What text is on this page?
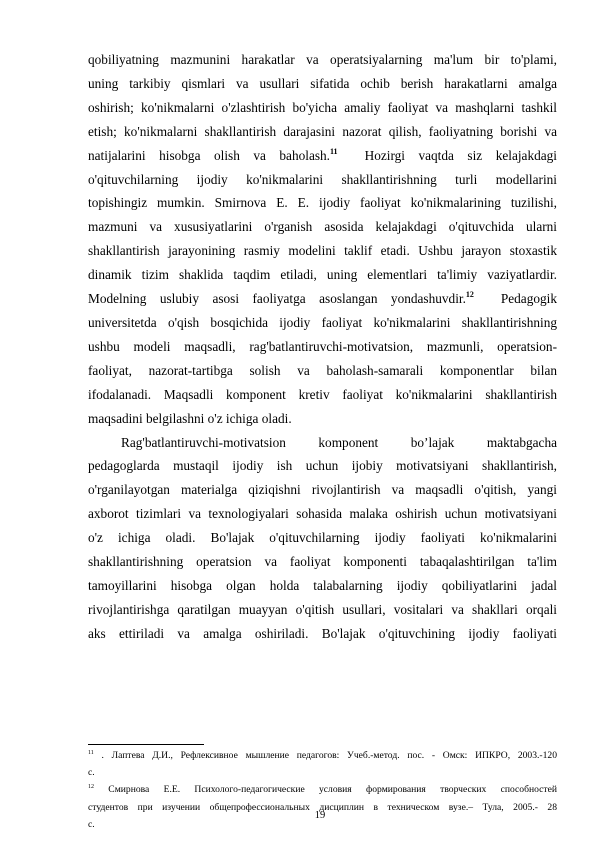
qobiliyatning mazmunini harakatlar va operatsiyalarning ma'lum bir to'plami,
uning tarkibiy qismlari va usullari sifatida ochib berish harakatlarni amalga
oshirish; ko'nikmalarni o'zlashtirish bo'yicha amaliy faoliyat va mashqlarni tashkil
etish; ko'nikmalarni shakllantirish darajasini nazorat qilish, faoliyatning borishi va
natijalarini hisobga olish va baholash.$^{11}$ Hozirgi vaqtda siz kelajakdagi
o'qituvchilarning ijodiy ko'nikmalarini shakllantirishning turli modellarini
topishingiz mumkin. Smirnova E. E. ijodiy faoliyat ko'nikmalarining tuzilishi,
mazmuni va xususiyatlarini o'rganish asosida kelajakdagi o'qituvchida ularni
shakllantirish jarayonining rasmiy modelini taklif etadi. Ushbu jarayon stoxastik
dinamik tizim shaklida taqdim etiladi, uning elementlari ta'limiy vaziyatlardir.
Modelning uslubiy asosi faoliyatga asoslangan yondashuvdir.$^{12}$ Pedagogik
universitetda o'qish bosqichida ijodiy faoliyat ko'nikmalarini shakllantirishning
ushbu modeli maqsadli, rag'batlantiruvchi-motivatsion, mazmunli, operatsion-
faoliyat, nazorat-tartibga solish va baholash-samarali komponentlar bilan
ifodalanadi. Maqsadli komponent kretiv faoliyat ko'nikmalarini shakllantirish
maqsadini belgilashni o'z ichiga oladi.

Rag'batlantiruvchi-motivatsion komponent bo’lajak maktabgacha
pedagoglarda mustaqil ijodiy ish uchun ijobiy motivatsiyani shakllantirish,
o'rganilayotgan materialga qiziqishni rivojlantirish va maqsadli o'qitish, yangi
axborot tizimlari va texnologiyalari sohasida malaka oshirish uchun motivatsiyani
o'z ichiga oladi. Bo'lajak o'qituvchilarning ijodiy faoliyati ko'nikmalarini
shakllantirishning operatsion va faoliyat komponenti tabaqalashtirilgan ta'lim
tamoyillarini hisobga olgan holda talabalarning ijodiy qobiliyatlarini jadal
rivojlantirishga qaratilgan muayyan o'qitish usullari, vositalari va shakllari orqali
aks ettiriladi va amalga oshiriladi. Bo'lajak o'qituvchining ijodiy faoliyati

$^{11}$ . Лаптева Д.И., Рефлексивное мышление педагогов: Учеб.-метод. пос. - Омск: ИПКРО, 2003.-120
с.

$^{12}$ Смирнова Е.Е. Психолого-педагогические условия формирования творческих способностей
студентов при изучении общепрофессиональных дисциплин в техническом вузе.– Тула, 2005.- 28
с.

19
